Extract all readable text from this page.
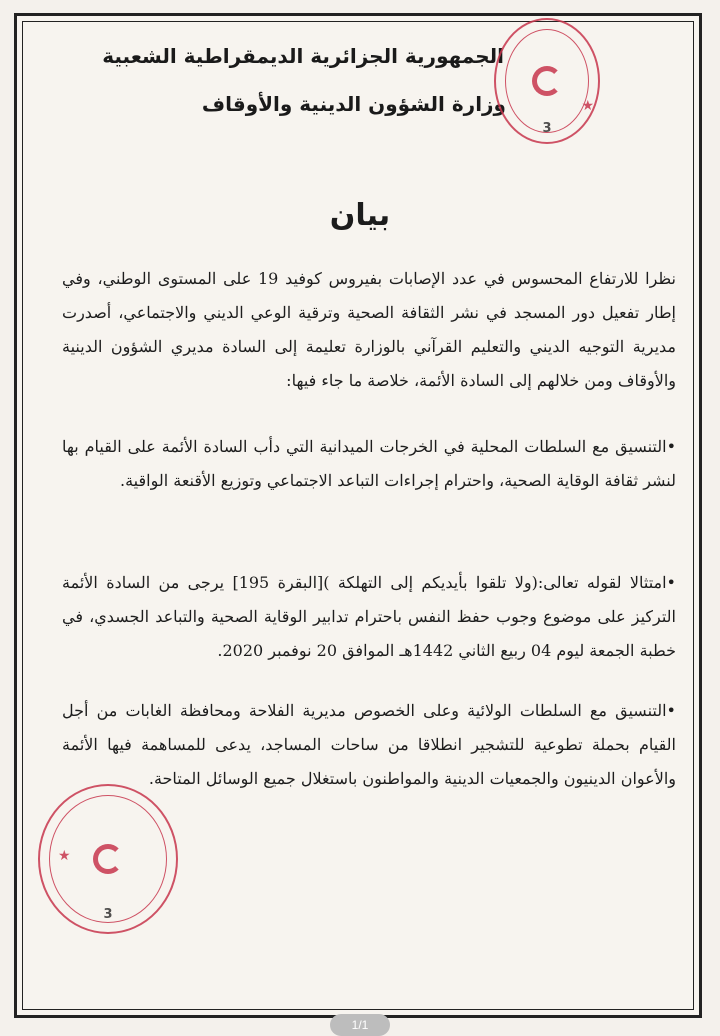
الجمهورية الجزائرية الديمقراطية الشعبية
وزارة الشؤون الدينية والأوقاف	★
3
بيان
نظرا للارتفاع المحسوس في عدد الإصابات بفيروس كوفيد 19 على المستوى الوطني، وفي إطار تفعيل دور المسجد في نشر الثقافة الصحية وترقية الوعي الديني والاجتماعي، أصدرت مديرية التوجيه الديني والتعليم القرآني بالوزارة تعليمة إلى السادة مديري الشؤون الدينية والأوقاف ومن خلالهم إلى السادة الأئمة، خلاصة ما جاء فيها:
•التنسيق مع السلطات المحلية في الخرجات الميدانية التي دأب السادة الأئمة على القيام بها لنشر ثقافة الوقاية الصحية، واحترام إجراءات التباعد الاجتماعي وتوزيع الأقنعة الواقية.
•امتثالا لقوله تعالى:(ولا تلقوا بأيديكم إلى التهلكة )[البقرة 195] يرجى من السادة الأئمة التركيز على موضوع وجوب حفظ النفس باحترام تدابير الوقاية الصحية والتباعد الجسدي، في خطبة الجمعة ليوم 04 ربيع الثاني 1442هـ الموافق 20 نوفمبر 2020.
•التنسيق مع السلطات الولائية وعلى الخصوص مديرية الفلاحة ومحافظة الغابات من أجل القيام بحملة تطوعية للتشجير انطلاقا من ساحات المساجد، يدعى للمساهمة فيها الأئمة والأعوان الدينيون والجمعيات الدينية والمواطنون باستغلال جميع الوسائل المتاحة.
★
3
1/1
